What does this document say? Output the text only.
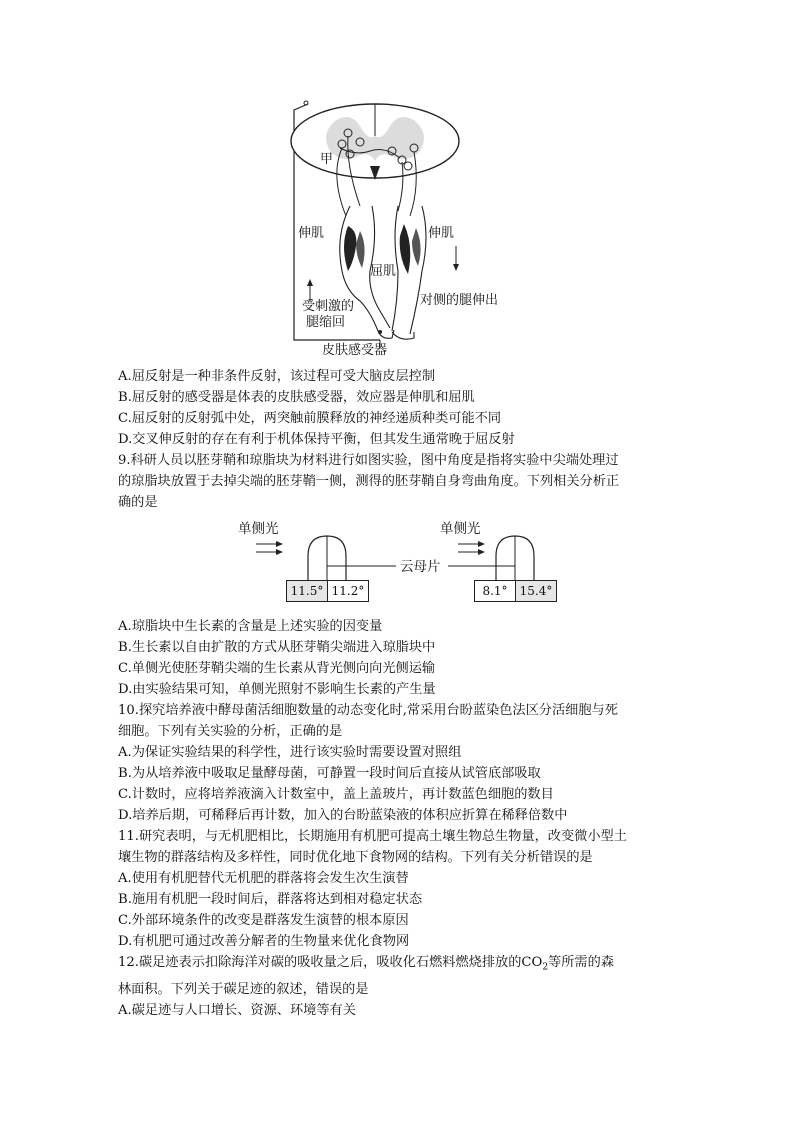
甲
伸肌	伸肌
屈肌
受刺激的
腿缩回
对侧的腿伸出
皮肤感受器
A.屈反射是一种非条件反射，该过程可受大脑皮层控制
B.屈反射的感受器是体表的皮肤感受器，效应器是伸肌和屈肌
C.屈反射的反射弧中处，两突触前膜释放的神经递质种类可能不同
D.交叉伸反射的存在有利于机体保持平衡，但其发生通常晚于屈反射
9.科研人员以胚芽鞘和琼脂块为材料进行如图实验，图中角度是指将实验中尖端处理过
的琼脂块放置于去掉尖端的胚芽鞘一侧，测得的胚芽鞘自身弯曲角度。下列相关分析正
确的是
单侧光	单侧光
云母片
11.5° 11.2°	8.1°	15.4°
A.琼脂块中生长素的含量是上述实验的因变量
B.生长素以自由扩散的方式从胚芽鞘尖端进入琼脂块中
C.单侧光使胚芽鞘尖端的生长素从背光侧向向光侧运输
D.由实验结果可知，单侧光照射不影响生长素的产生量
10.探究培养液中酵母菌活细胞数量的动态变化时,常采用台盼蓝染色法区分活细胞与死
细胞。下列有关实验的分析，正确的是
A.为保证实验结果的科学性，进行该实验时需要设置对照组
B.为从培养液中吸取足量酵母菌，可静置一段时间后直接从试管底部吸取
C.计数时，应将培养液滴入计数室中，盖上盖玻片，再计数蓝色细胞的数目
D.培养后期，可稀释后再计数，加入的台盼蓝染液的体积应折算在稀释倍数中
11.研究表明，与无机肥相比，长期施用有机肥可提高土壤生物总生物量，改变微小型土
壤生物的群落结构及多样性，同时优化地下食物网的结构。下列有关分析错误的是
A.使用有机肥替代无机肥的群落将会发生次生演替
B.施用有机肥一段时间后，群落将达到相对稳定状态
C.外部环境条件的改变是群落发生演替的根本原因
D.有机肥可通过改善分解者的生物量来优化食物网
12.碳足迹表示扣除海洋对碳的吸收量之后，吸收化石燃料燃烧排放的$CO_2$等所需的森
林面积。下列关于碳足迹的叙述，错误的是
A.碳足迹与人口增长、资源、环境等有关
